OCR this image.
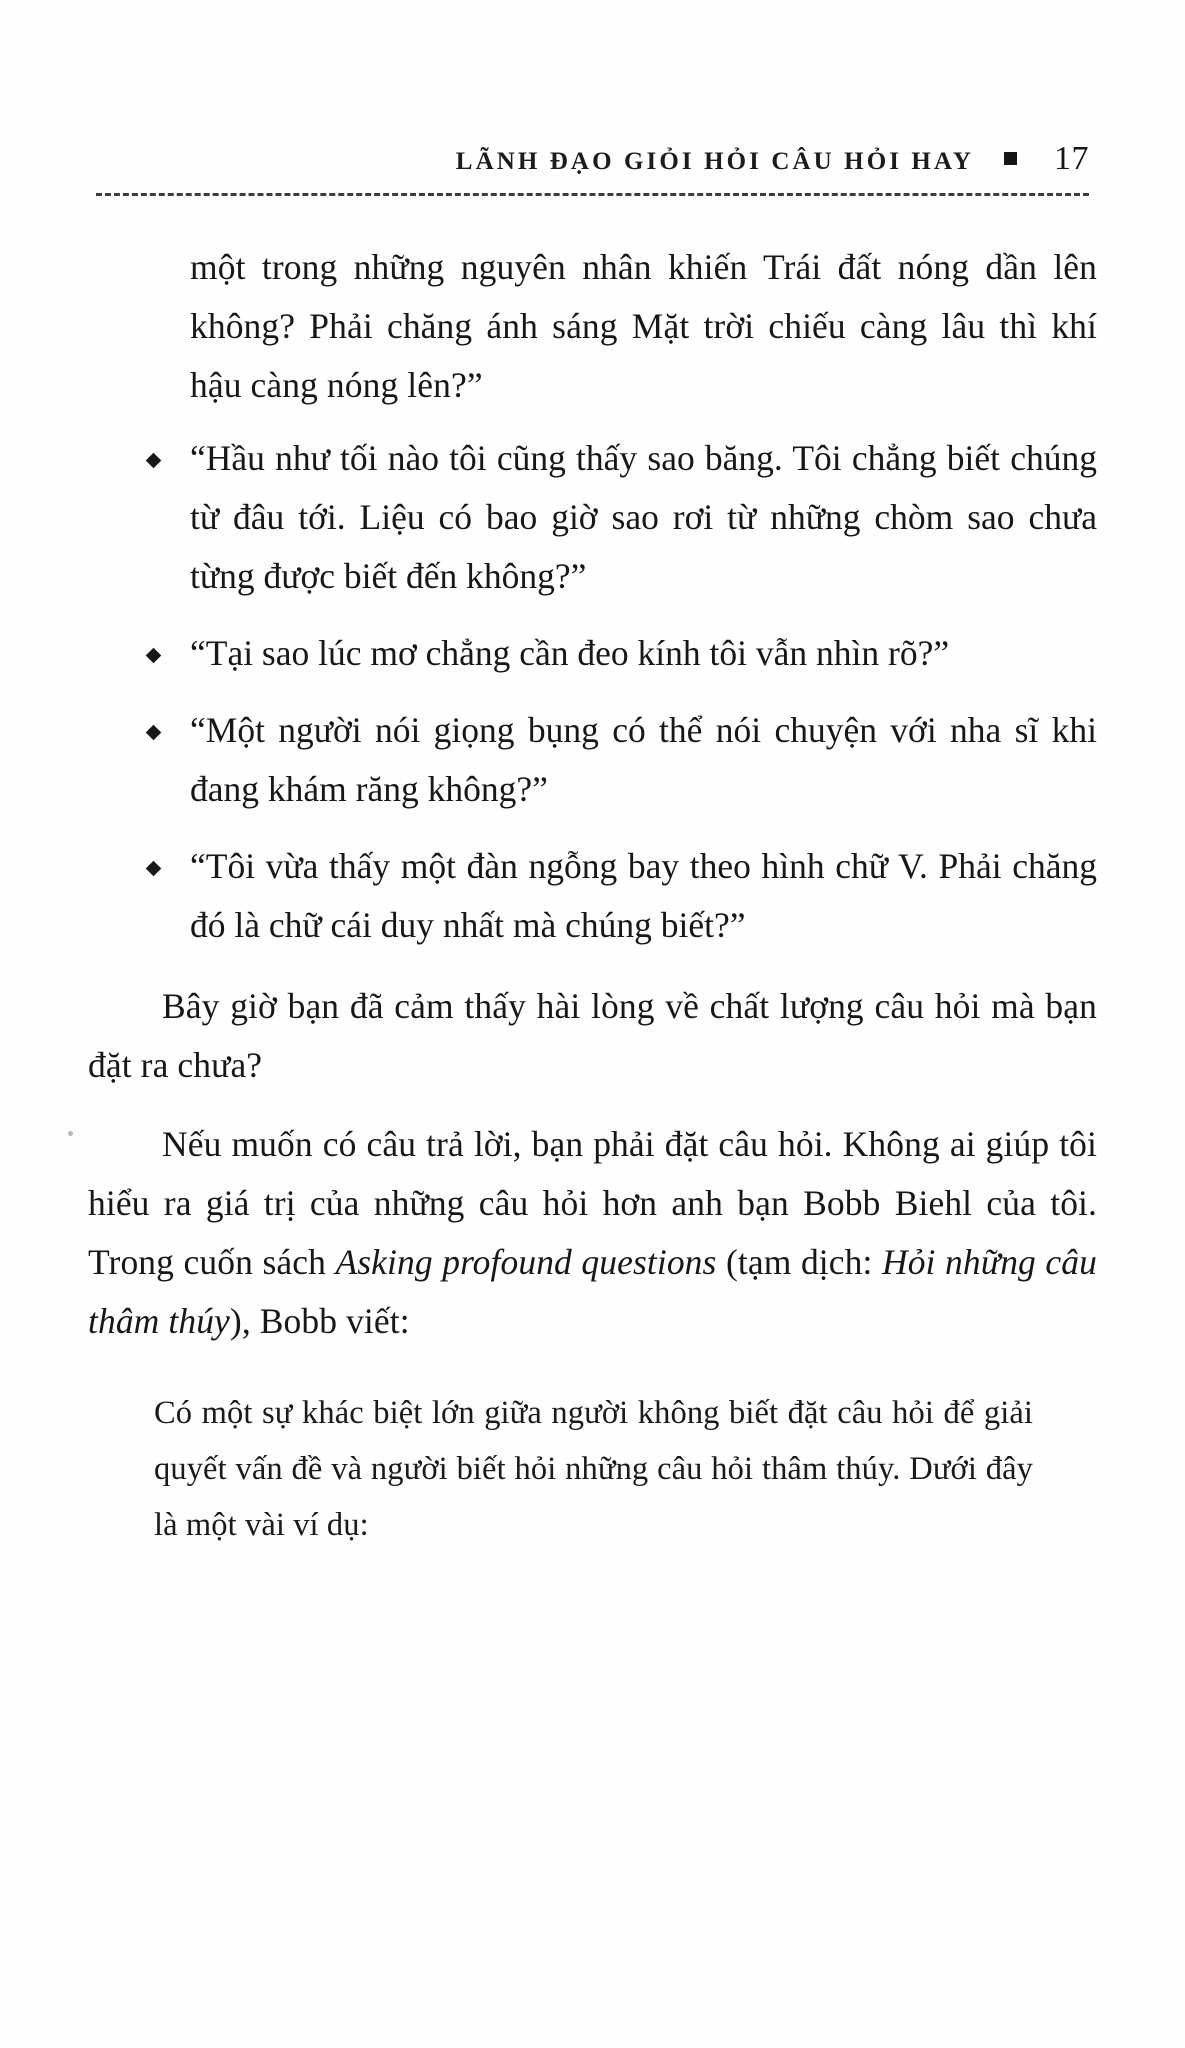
LÃNH ĐẠO GIỎI HỎI CÂU HỎI HAY	17

một trong những nguyên nhân khiến Trái đất nóng dần lên không? Phải chăng ánh sáng Mặt trời chiếu càng lâu thì khí hậu càng nóng lên?”

“Hầu như tối nào tôi cũng thấy sao băng. Tôi chẳng biết chúng từ đâu tới. Liệu có bao giờ sao rơi từ những chòm sao chưa từng được biết đến không?”
“Tại sao lúc mơ chẳng cần đeo kính tôi vẫn nhìn rõ?”
“Một người nói giọng bụng có thể nói chuyện với nha sĩ khi đang khám răng không?”
“Tôi vừa thấy một đàn ngỗng bay theo hình chữ V. Phải chăng đó là chữ cái duy nhất mà chúng biết?”

Bây giờ bạn đã cảm thấy hài lòng về chất lượng câu hỏi mà bạn đặt ra chưa?

Nếu muốn có câu trả lời, bạn phải đặt câu hỏi. Không ai giúp tôi hiểu ra giá trị của những câu hỏi hơn anh bạn Bobb Biehl của tôi. Trong cuốn sách Asking profound questions (tạm dịch: Hỏi những câu thâm thúy), Bobb viết:

Có một sự khác biệt lớn giữa người không biết đặt câu hỏi để giải quyết vấn đề và người biết hỏi những câu hỏi thâm thúy. Dưới đây là một vài ví dụ:
